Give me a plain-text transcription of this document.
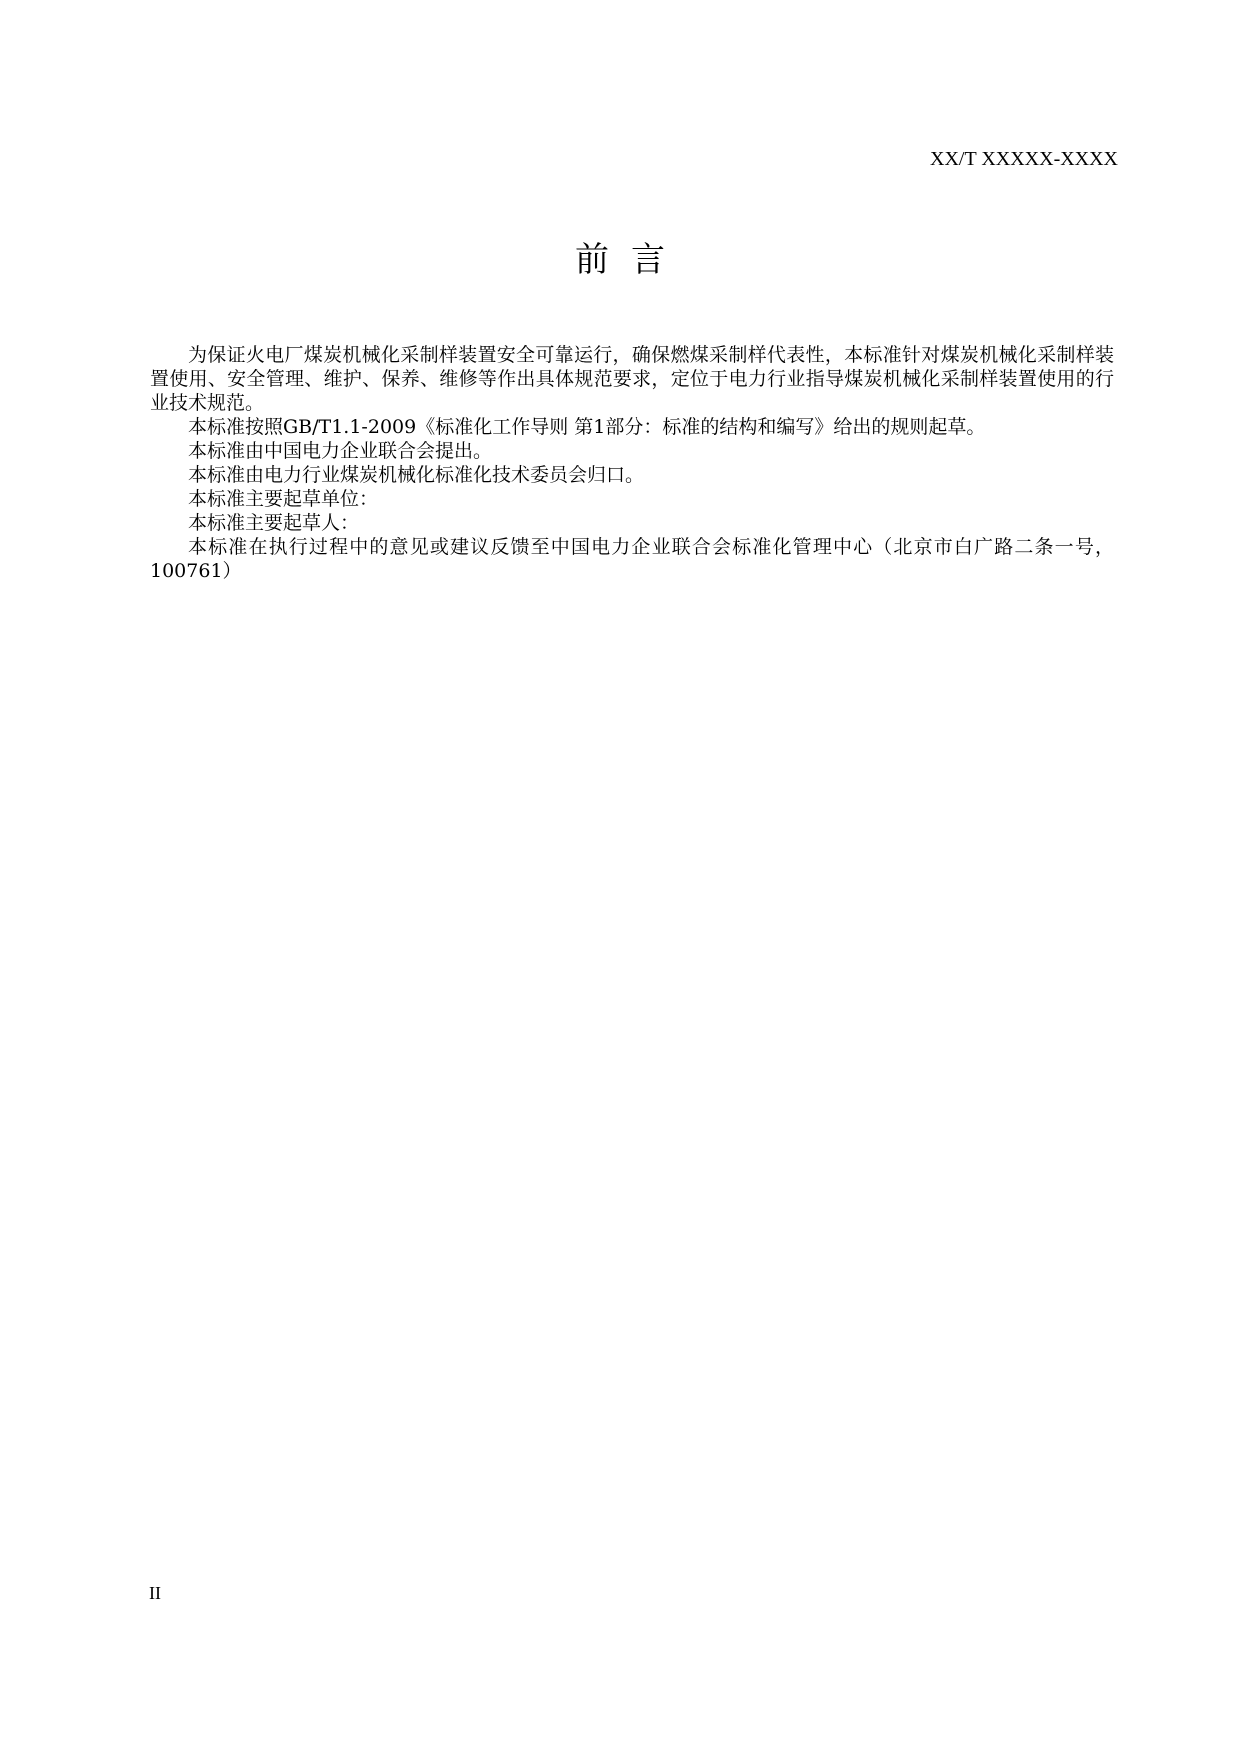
XX/T XXXXX-XXXX
前言

为保证火电厂煤炭机械化采制样装置安全可靠运行，确保燃煤采制样代表性，本标准针对煤炭机械化采制样装置使用、安全管理、维护、保养、维修等作出具体规范要求，定位于电力行业指导煤炭机械化采制样装置使用的行业技术规范。

本标准按照GB/T1.1-2009《标准化工作导则 第1部分：标准的结构和编写》给出的规则起草。

本标准由中国电力企业联合会提出。

本标准由电力行业煤炭机械化标准化技术委员会归口。

本标准主要起草单位：

本标准主要起草人：

本标准在执行过程中的意见或建议反馈至中国电力企业联合会标准化管理中心（北京市白广路二条一号，100761）

II
